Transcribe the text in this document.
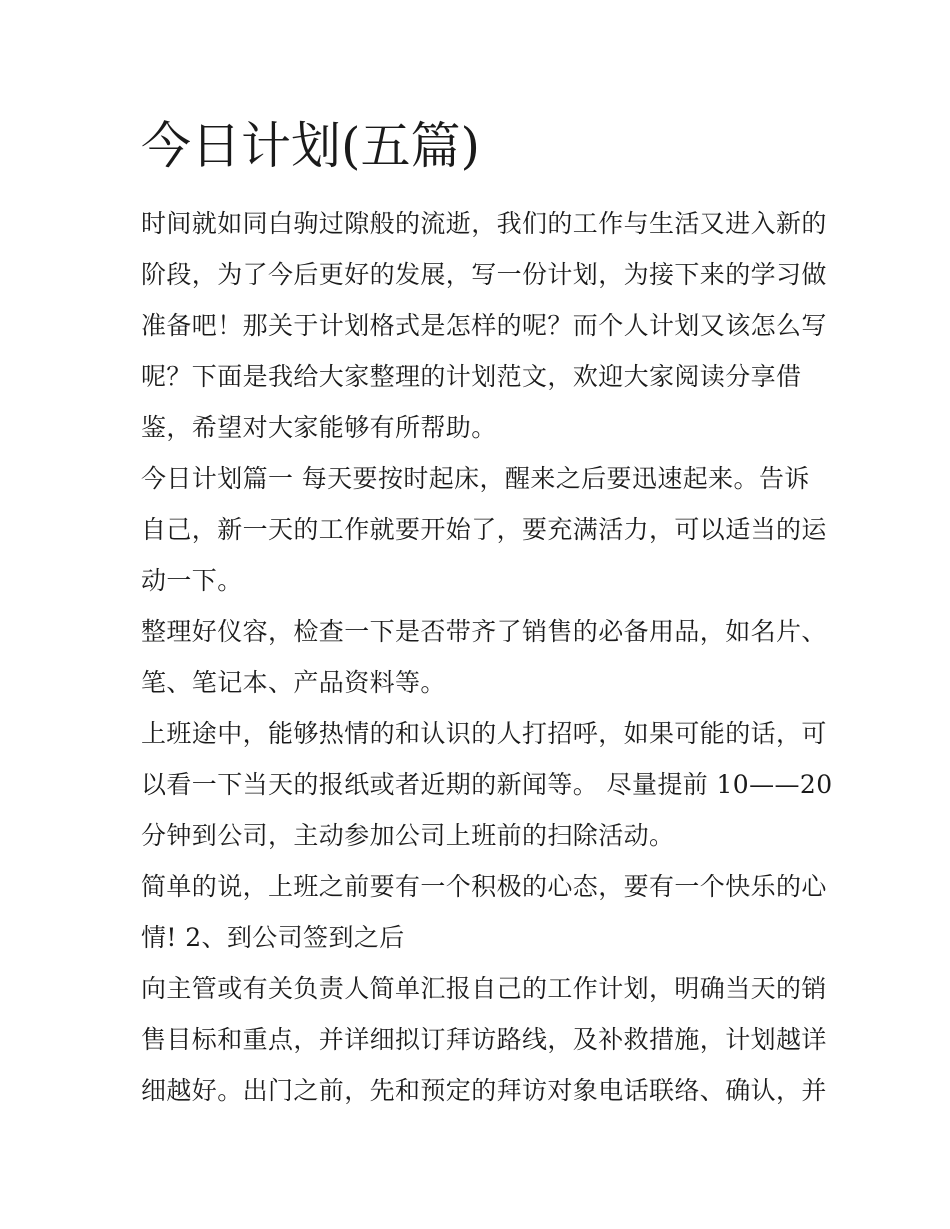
今日计划(五篇)
时间就如同白驹过隙般的流逝，我们的工作与生活又进入新的
阶段，为了今后更好的发展，写一份计划，为接下来的学习做
准备吧！那关于计划格式是怎样的呢？而个人计划又该怎么写
呢？下面是我给大家整理的计划范文，欢迎大家阅读分享借
鉴，希望对大家能够有所帮助。
今日计划篇一 每天要按时起床，醒来之后要迅速起来。告诉
自己，新一天的工作就要开始了，要充满活力，可以适当的运
动一下。
整理好仪容，检查一下是否带齐了销售的必备用品，如名片、
笔、笔记本、产品资料等。
上班途中，能够热情的和认识的人打招呼，如果可能的话，可
以看一下当天的报纸或者近期的新闻等。 尽量提前 10——20
分钟到公司，主动参加公司上班前的扫除活动。
简单的说，上班之前要有一个积极的心态，要有一个快乐的心
情! 2、到公司签到之后
向主管或有关负责人简单汇报自己的工作计划，明确当天的销
售目标和重点，并详细拟订拜访路线，及补救措施，计划越详
细越好。出门之前，先和预定的拜访对象电话联络、确认，并
